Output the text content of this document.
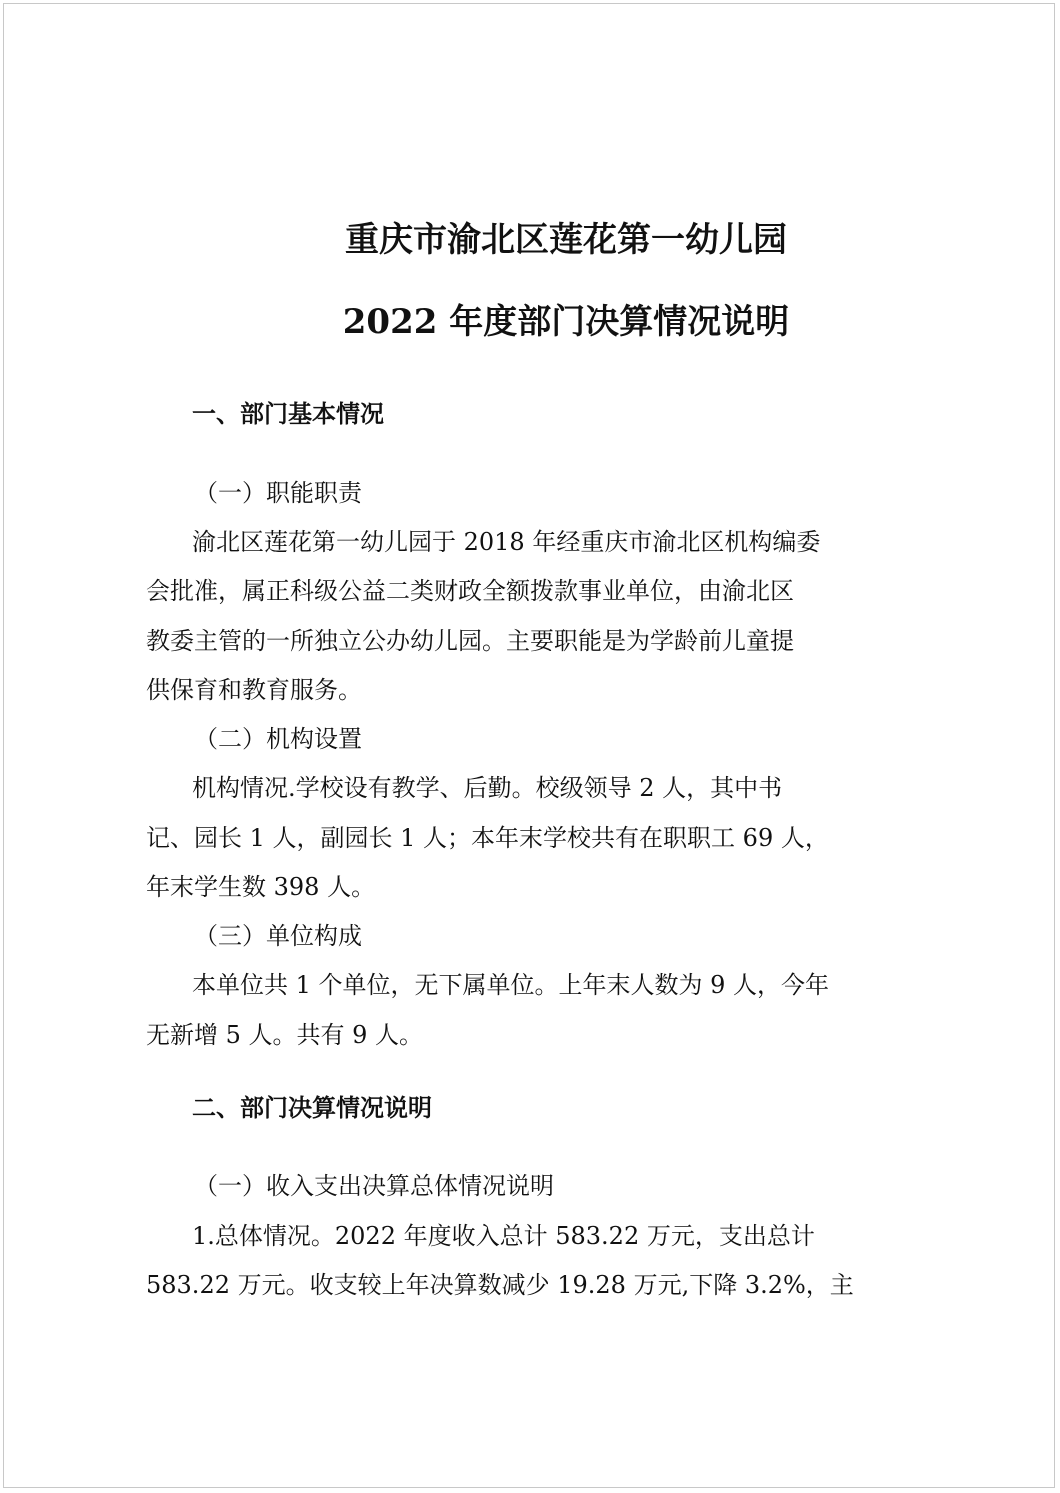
重庆市渝北区莲花第一幼儿园
2022 年度部门决算情况说明
一、部门基本情况
（一）职能职责
渝北区莲花第一幼儿园于 2018 年经重庆市渝北区机构编委
会批准，属正科级公益二类财政全额拨款事业单位，由渝北区
教委主管的一所独立公办幼儿园。主要职能是为学龄前儿童提
供保育和教育服务。
（二）机构设置
机构情况.学校设有教学、后勤。校级领导 2 人，其中书
记、园长 1 人，副园长 1 人；本年末学校共有在职职工 69 人，
年末学生数 398 人。
（三）单位构成
本单位共 1 个单位，无下属单位。上年末人数为 9 人，今年
无新增 5 人。共有 9 人。
二、部门决算情况说明
（一）收入支出决算总体情况说明
1.总体情况。2022 年度收入总计 583.22 万元，支出总计
583.22 万元。收支较上年决算数减少 19.28 万元,下降 3.2%，主
